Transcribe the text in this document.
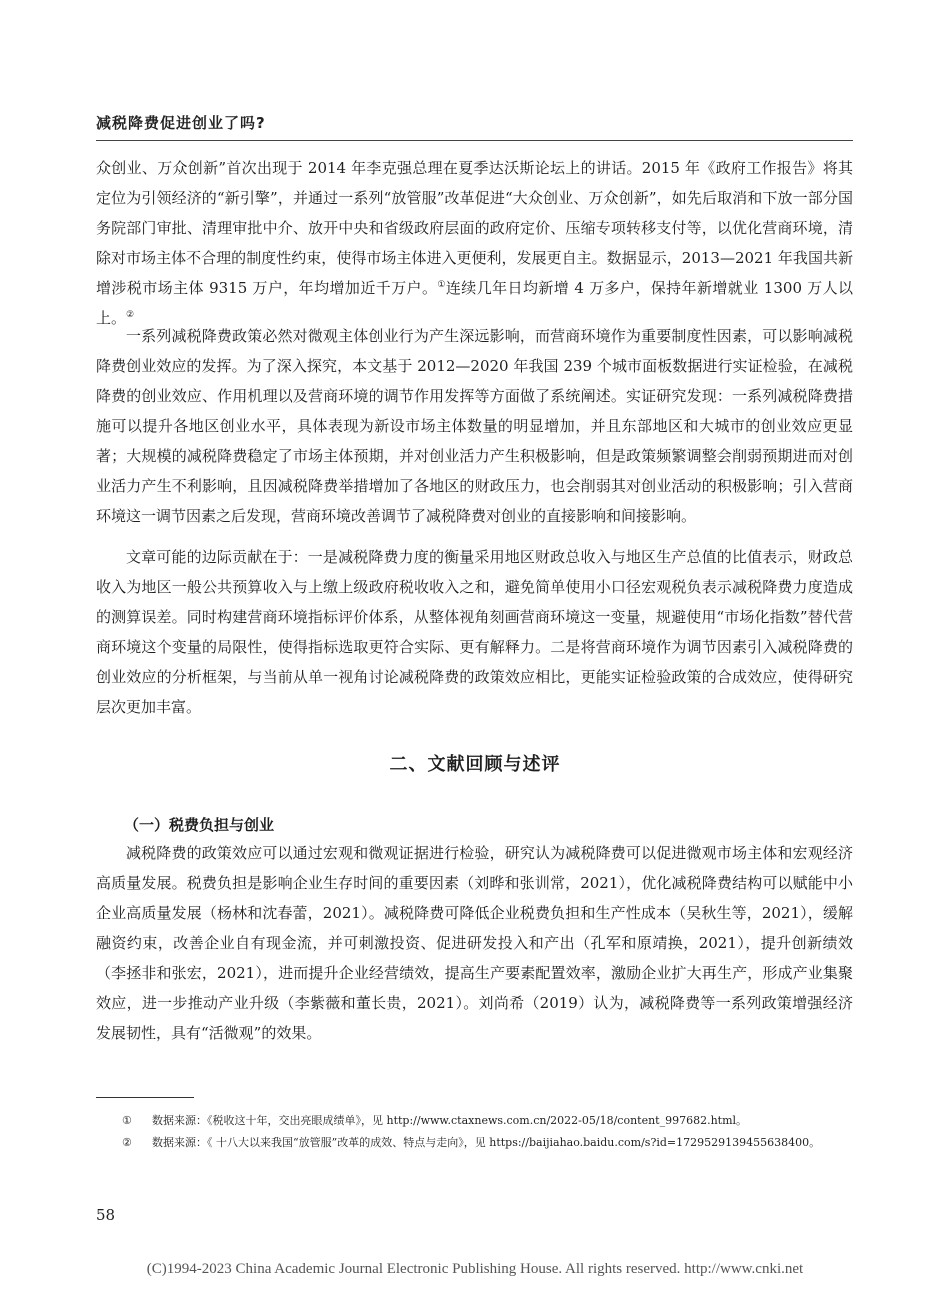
减税降费促进创业了吗?

众创业、万众创新”首次出现于 2014 年李克强总理在夏季达沃斯论坛上的讲话。2015 年《政府工作报告》将其定位为引领经济的“新引擎”，并通过一系列“放管服”改革促进“大众创业、万众创新”，如先后取消和下放一部分国务院部门审批、清理审批中介、放开中央和省级政府层面的政府定价、压缩专项转移支付等，以优化营商环境，清除对市场主体不合理的制度性约束，使得市场主体进入更便利，发展更自主。数据显示，2013—2021 年我国共新增涉税市场主体 9315 万户，年均增加近千万户。①连续几年日均新增 4 万多户，保持年新增就业 1300 万人以上。②

一系列减税降费政策必然对微观主体创业行为产生深远影响，而营商环境作为重要制度性因素，可以影响减税降费创业效应的发挥。为了深入探究，本文基于 2012—2020 年我国 239 个城市面板数据进行实证检验，在减税降费的创业效应、作用机理以及营商环境的调节作用发挥等方面做了系统阐述。实证研究发现：一系列减税降费措施可以提升各地区创业水平，具体表现为新设市场主体数量的明显增加，并且东部地区和大城市的创业效应更显著；大规模的减税降费稳定了市场主体预期，并对创业活力产生积极影响，但是政策频繁调整会削弱预期进而对创业活力产生不利影响，且因减税降费举措增加了各地区的财政压力，也会削弱其对创业活动的积极影响；引入营商环境这一调节因素之后发现，营商环境改善调节了减税降费对创业的直接影响和间接影响。

文章可能的边际贡献在于：一是减税降费力度的衡量采用地区财政总收入与地区生产总值的比值表示，财政总收入为地区一般公共预算收入与上缴上级政府税收收入之和，避免简单使用小口径宏观税负表示减税降费力度造成的测算误差。同时构建营商环境指标评价体系，从整体视角刻画营商环境这一变量，规避使用“市场化指数”替代营商环境这个变量的局限性，使得指标选取更符合实际、更有解释力。二是将营商环境作为调节因素引入减税降费的创业效应的分析框架，与当前从单一视角讨论减税降费的政策效应相比，更能实证检验政策的合成效应，使得研究层次更加丰富。

二、文献回顾与述评
（一）税费负担与创业

减税降费的政策效应可以通过宏观和微观证据进行检验，研究认为减税降费可以促进微观市场主体和宏观经济高质量发展。税费负担是影响企业生存时间的重要因素（刘晔和张训常，2021），优化减税降费结构可以赋能中小企业高质量发展（杨林和沈春蕾，2021）。减税降费可降低企业税费负担和生产性成本（吴秋生等，2021），缓解融资约束，改善企业自有现金流，并可刺激投资、促进研发投入和产出（孔军和原靖换，2021），提升创新绩效（李拯非和张宏，2021），进而提升企业经营绩效，提高生产要素配置效率，激励企业扩大再生产，形成产业集聚效应，进一步推动产业升级（李紫薇和董长贵，2021）。刘尚希（2019）认为，减税降费等一系列政策增强经济发展韧性，具有“活微观”的效果。

① 数据来源：《税收这十年，交出亮眼成绩单》，见 http://www.ctaxnews.com.cn/2022-05/18/content_997682.html。

② 数据来源：《 十八大以来我国“放管服”改革的成效、特点与走向》，见 https://baijiahao.baidu.com/s?id=1729529139455638400。

58
(C)1994-2023 China Academic Journal Electronic Publishing House. All rights reserved. http://www.cnki.net
